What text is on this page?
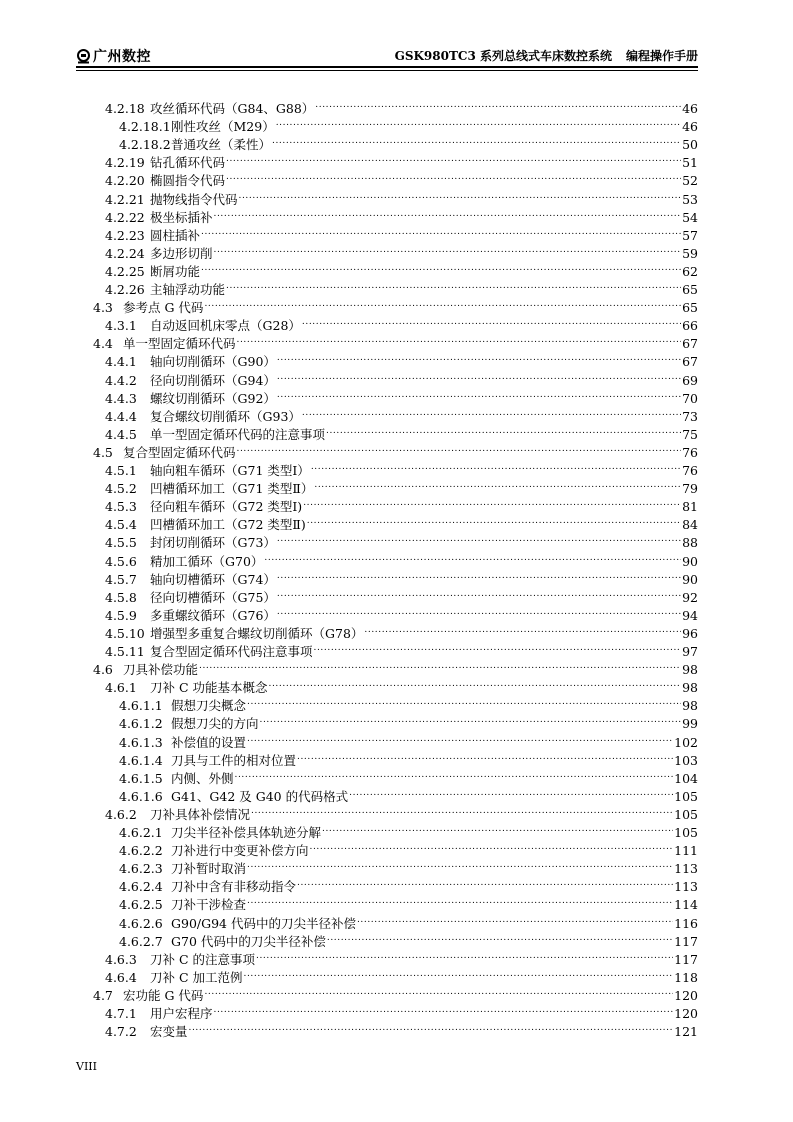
广州数控	GSK980TC3 系列总线式车床数控系统 编程操作手册
4.2.18 攻丝循环代码（G84、G88） .....	46
4.2.18.1 刚性攻丝（M29） .....	46
4.2.18.2 普通攻丝（柔性） .....	50
4.2.19 钻孔循环代码 .....	51
4.2.20 椭圆指令代码 .....	52
4.2.21 抛物线指令代码 .....	53
4.2.22 极坐标插补 .....	54
4.2.23 圆柱插补 .....	57
4.2.24 多边形切削 .....	59
4.2.25 断屑功能 .....	62
4.2.26 主轴浮动功能 .....	65
4.3 参考点 G 代码 .....	65
4.3.1	自动返回机床零点（G28） .....	66
4.4 单一型固定循环代码 .....	67
4.4.1	轴向切削循环（G90） .....	67
4.4.2	径向切削循环（G94） .....	69
4.4.3	螺纹切削循环（G92） .....	70
4.4.4	复合螺纹切削循环（G93） .....	73
4.4.5	单一型固定循环代码的注意事项 .....	75
4.5 复合型固定循环代码 .....	76
4.5.1	轴向粗车循环（G71 类型Ⅰ） .....	76
4.5.2	凹槽循环加工（G71 类型Ⅱ） .....	79
4.5.3	径向粗车循环（G72 类型Ⅰ) .....	81
4.5.4	凹槽循环加工（G72 类型Ⅱ) .....	84
4.5.5	封闭切削循环（G73） .....	88
4.5.6	精加工循环（G70） .....	90
4.5.7	轴向切槽循环（G74） .....	90
4.5.8	径向切槽循环（G75） .....	92
4.5.9	多重螺纹循环（G76） .....	94
4.5.10 增强型多重复合螺纹切削循环（G78） .....	96
4.5.11 复合型固定循环代码注意事项 .....	97
4.6 刀具补偿功能 .....	98
4.6.1	刀补 C 功能基本概念 .....	98
4.6.1.1 假想刀尖概念 .....	98
4.6.1.2 假想刀尖的方向 .....	99
4.6.1.3 补偿值的设置 .....	102
4.6.1.4 刀具与工件的相对位置 .....	103
4.6.1.5 内侧、外侧 .....	104
4.6.1.6 G41、G42 及 G40 的代码格式 .....	105
4.6.2	刀补具体补偿情况 .....	105
4.6.2.1 刀尖半径补偿具体轨迹分解 .....	105
4.6.2.2 刀补进行中变更补偿方向 .....	111
4.6.2.3 刀补暂时取消 .....	113
4.6.2.4 刀补中含有非移动指令 .....	113
4.6.2.5 刀补干涉检查 .....	114
4.6.2.6 G90/G94 代码中的刀尖半径补偿 .....	116
4.6.2.7 G70 代码中的刀尖半径补偿 .....	117
4.6.3	刀补 C 的注意事项 .....	117
4.6.4	刀补 C 加工范例 .....	118
4.7 宏功能 G 代码 .....	120
4.7.1	用户宏程序 .....	120
4.7.2	宏变量 .....	121
VIII
